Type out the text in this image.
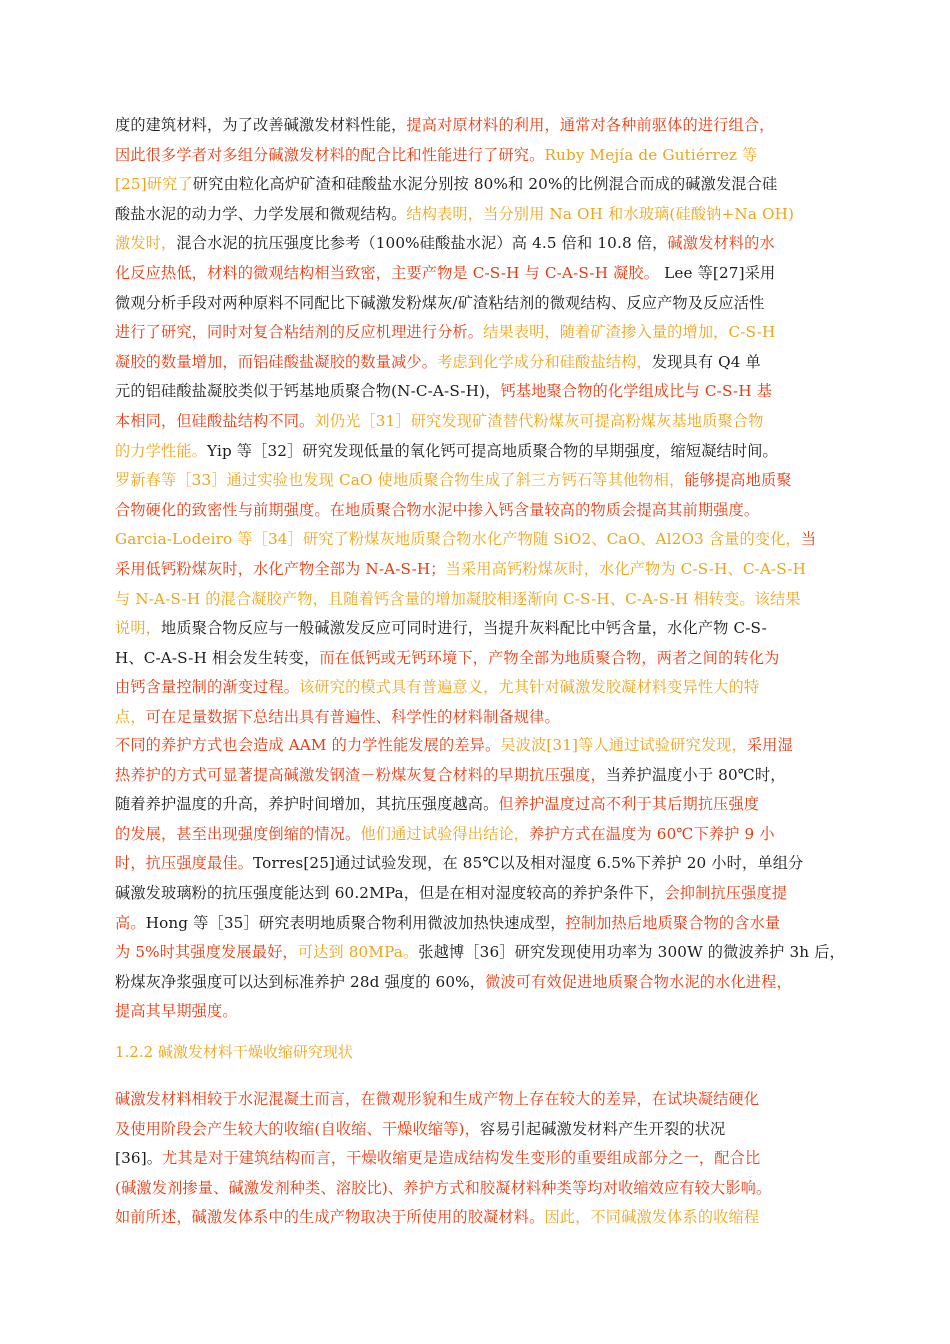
度的建筑材料，为了改善碱激发材料性能，提高对原材料的利用，通常对各种前驱体的进行组合，
因此很多学者对多组分碱激发材料的配合比和性能进行了研究。Ruby Mejía de Gutiérrez 等
[25]研究了研究由粒化高炉矿渣和硅酸盐水泥分别按 80%和 20%的比例混合而成的碱激发混合硅
酸盐水泥的动力学、力学发展和微观结构。结构表明，当分别用 Na OH 和水玻璃(硅酸钠+Na OH)
激发时，混合水泥的抗压强度比参考（100%硅酸盐水泥）高 4.5 倍和 10.8 倍，碱激发材料的水
化反应热低，材料的微观结构相当致密，主要产物是 C-S-H 与 C-A-S-H 凝胶。 Lee 等[27]采用
微观分析手段对两种原料不同配比下碱激发粉煤灰/矿渣粘结剂的微观结构、反应产物及反应活性
进行了研究，同时对复合粘结剂的反应机理进行分析。结果表明，随着矿渣掺入量的增加，C-S-H
凝胶的数量增加，而铝硅酸盐凝胶的数量减少。考虑到化学成分和硅酸盐结构，发现具有 Q4 单
元的铝硅酸盐凝胶类似于钙基地质聚合物(N-C-A-S-H)，钙基地聚合物的化学组成比与 C-S-H 基
本相同，但硅酸盐结构不同。刘仍光［31］研究发现矿渣替代粉煤灰可提高粉煤灰基地质聚合物
的力学性能。Yip 等［32］研究发现低量的氧化钙可提高地质聚合物的早期强度，缩短凝结时间。
罗新春等［33］通过实验也发现 CaO 使地质聚合物生成了斜三方钙石等其他物相，能够提高地质聚
合物硬化的致密性与前期强度。在地质聚合物水泥中掺入钙含量较高的物质会提高其前期强度。
Garcia-Lodeiro 等［34］研究了粉煤灰地质聚合物水化产物随 SiO2、CaO、Al2O3 含量的变化，当
采用低钙粉煤灰时，水化产物全部为 N-A-S-H；当采用高钙粉煤灰时，水化产物为 C-S-H、C-A-S-H
与 N-A-S-H 的混合凝胶产物，且随着钙含量的增加凝胶相逐渐向 C-S-H、C-A-S-H 相转变。该结果
说明，地质聚合物反应与一般碱激发反应可同时进行，当提升灰料配比中钙含量，水化产物 C-S-
H、C-A-S-H 相会发生转变，而在低钙或无钙环境下，产物全部为地质聚合物，两者之间的转化为
由钙含量控制的渐变过程。该研究的模式具有普遍意义，尤其针对碱激发胶凝材料变异性大的特
点，可在足量数据下总结出具有普遍性、科学性的材料制备规律。
不同的养护方式也会造成 AAM 的力学性能发展的差异。吴波波[31]等人通过试验研究发现，采用湿
热养护的方式可显著提高碱激发钢渣－粉煤灰复合材料的早期抗压强度，当养护温度小于 80℃时，
随着养护温度的升高，养护时间增加，其抗压强度越高。但养护温度过高不利于其后期抗压强度
的发展，甚至出现强度倒缩的情况。他们通过试验得出结论，养护方式在温度为 60℃下养护 9 小
时，抗压强度最佳。Torres[25]通过试验发现，在 85℃以及相对湿度 6.5%下养护 20 小时，单组分
碱激发玻璃粉的抗压强度能达到 60.2MPa，但是在相对湿度较高的养护条件下，会抑制抗压强度提
高。Hong 等［35］研究表明地质聚合物利用微波加热快速成型，控制加热后地质聚合物的含水量
为 5%时其强度发展最好，可达到 80MPa。张越博［36］研究发现使用功率为 300W 的微波养护 3h 后，
粉煤灰净浆强度可以达到标准养护 28d 强度的 60%，微波可有效促进地质聚合物水泥的水化进程，
提高其早期强度。
1.2.2 碱激发材料干燥收缩研究现状
碱激发材料相较于水泥混凝土而言，在微观形貌和生成产物上存在较大的差异，在试块凝结硬化
及使用阶段会产生较大的收缩(自收缩、干燥收缩等)，容易引起碱激发材料产生开裂的状况
[36]。尤其是对于建筑结构而言，干燥收缩更是造成结构发生变形的重要组成部分之一，配合比
(碱激发剂掺量、碱激发剂种类、溶胶比)、养护方式和胶凝材料种类等均对收缩效应有较大影响。
如前所述，碱激发体系中的生成产物取决于所使用的胶凝材料。因此，不同碱激发体系的收缩程
